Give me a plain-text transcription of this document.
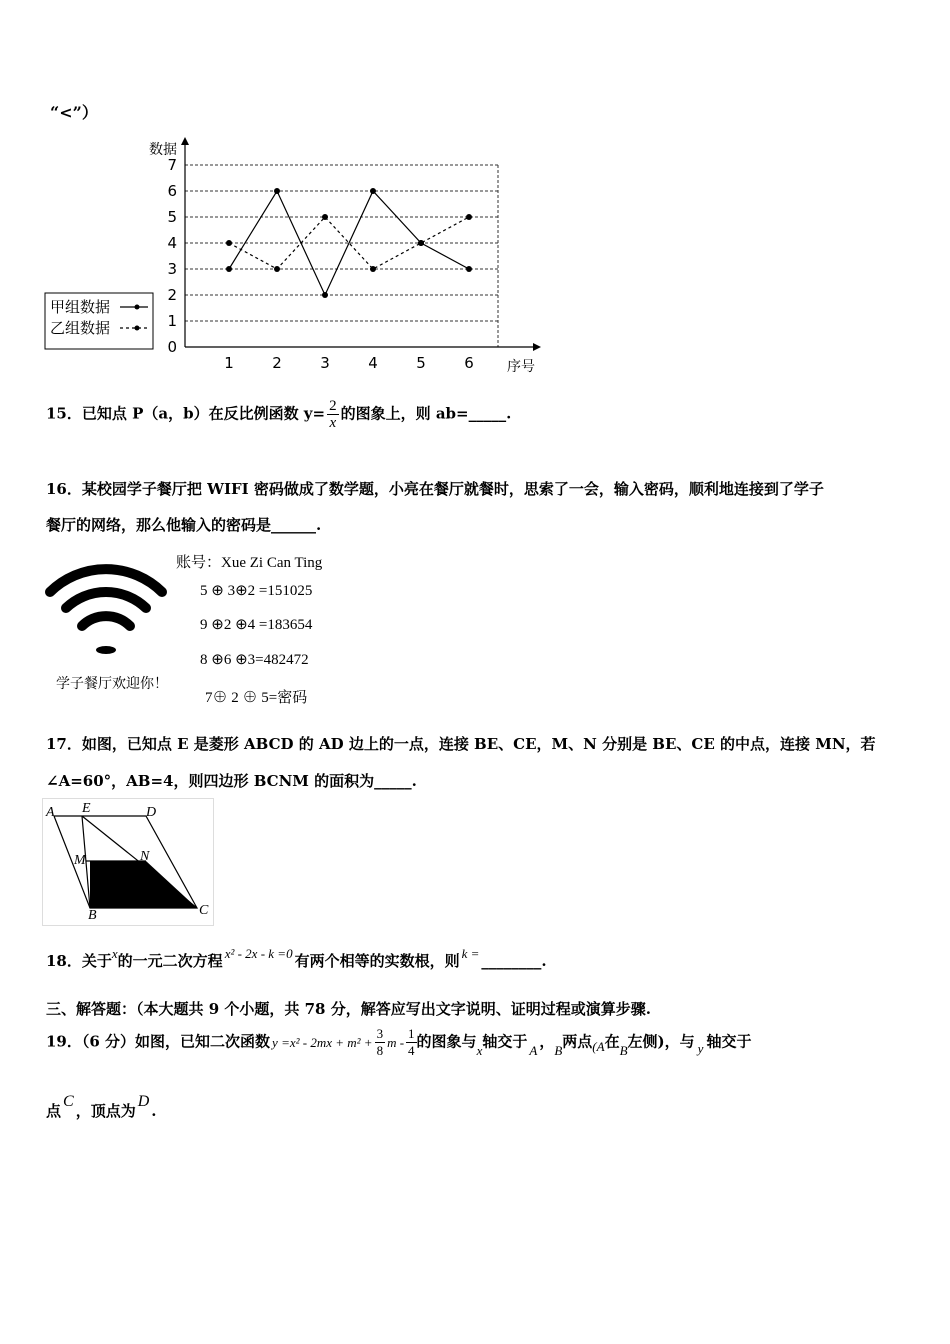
“<”）
0
1
2
3
4
5
6
7
1	2	3	4	5	6
数据
序号
甲组数据
乙组数据
15．已知点 P（a，b）在反比例函数 $y= \frac{2}{x}$ 的图象上，则 ab=_____.
16．某校园学子餐厅把 WIFI 密码做成了数学题，小亮在餐厅就餐时，思索了一会，输入密码，顺利地连接到了学子
餐厅的网络，那么他输入的密码是______.
学子餐厅欢迎你！
账号：Xue Zi Can Ting
5 ⊕ 3⊕2 =151025
9 ⊕2 ⊕4 =183654
8 ⊕6 ⊕3=482472
7⊕ 2 ⊕ 5=密码
17．如图，已知点 E 是菱形 ABCD 的 AD 边上的一点，连接 BE、CE，M、N 分别是 BE、CE 的中点，连接 MN，若
∠A=60°，AB=4，则四边形 BCNM 的面积为_____.
A E	D
M	N
B	C
18．关于x的一元二次方程 x² - 2x - k =0 有两个相等的实数根，则 k = ________.
三、解答题：（本大题共 9 个小题，共 78 分，解答应写出文字说明、证明过程或演算步骤.
19．（6 分）如图，已知二次函数 $y =x^2 - 2mx + m^2 + \frac{3}{8}$ m - $\frac{1}{4}$ 的图象与x轴交于 A ，B两点(A在B左侧)，与 y 轴交于
点C，顶点为D.
